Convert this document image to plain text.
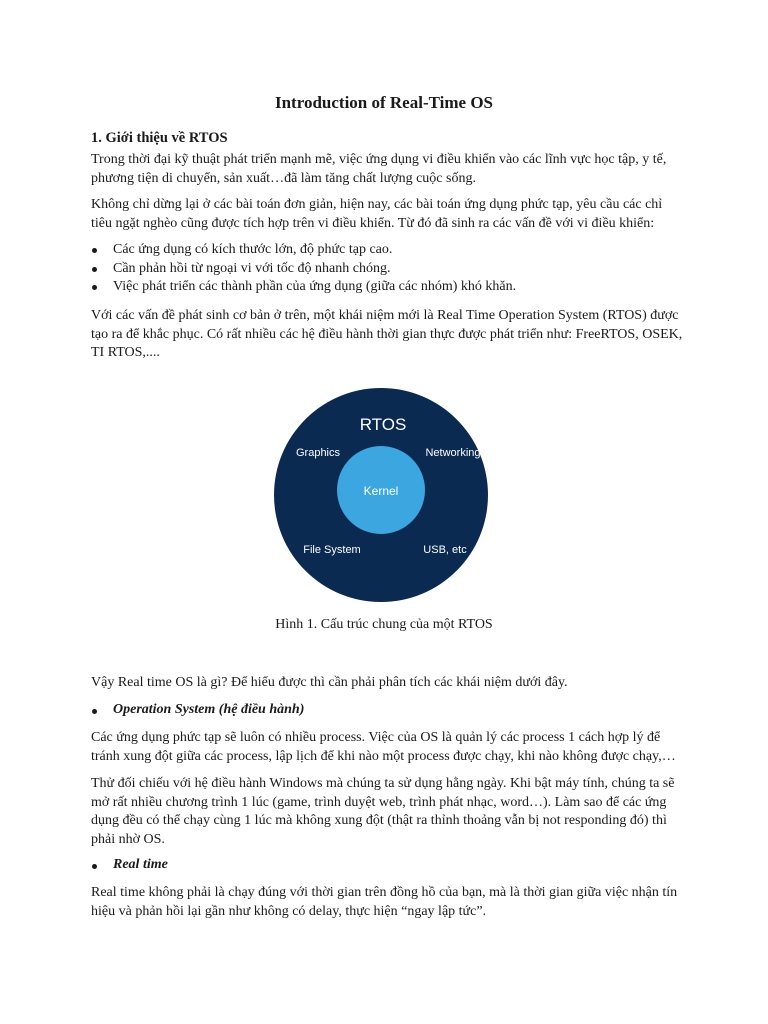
Introduction of Real-Time OS
1. Giới thiệu về RTOS
Trong thời đại kỹ thuật phát triển mạnh mẽ, việc ứng dụng vi điều khiển vào các lĩnh vực học tập, y tế,
phương tiện di chuyển, sản xuất…đã làm tăng chất lượng cuộc sống.
Không chỉ dừng lại ở các bài toán đơn giản, hiện nay, các bài toán ứng dụng phức tạp, yêu cầu các chỉ
tiêu ngặt nghèo cũng được tích hợp trên vi điều khiển. Từ đó đã sinh ra các vấn đề với vi điều khiển:
Các ứng dụng có kích thước lớn, độ phức tạp cao.
Cần phản hồi từ ngoại vi với tốc độ nhanh chóng.
Việc phát triển các thành phần của ứng dụng (giữa các nhóm) khó khăn.
Với các vấn đề phát sinh cơ bản ở trên, một khái niệm mới là Real Time Operation System (RTOS) được
tạo ra để khắc phục. Có rất nhiều các hệ điều hành thời gian thực được phát triển như: FreeRTOS, OSEK,
TI RTOS,....
RTOS
Kernel
Graphics	Networking
File System	USB, etc

Hình 1. Cấu trúc chung của một RTOS

Vậy Real time OS là gì? Để hiểu được thì cần phải phân tích các khái niệm dưới đây.

Operation System (hệ điều hành)

Các ứng dụng phức tạp sẽ luôn có nhiều process. Việc của OS là quản lý các process 1 cách hợp lý để
tránh xung đột giữa các process, lập lịch để khi nào một process được chạy, khi nào không được chạy,…
Thử đối chiếu với hệ điều hành Windows mà chúng ta sử dụng hằng ngày. Khi bật máy tính, chúng ta sẽ
mở rất nhiều chương trình 1 lúc (game, trình duyệt web, trình phát nhạc, word…). Làm sao để các ứng
dụng đều có thể chạy cùng 1 lúc mà không xung đột (thật ra thỉnh thoảng vẫn bị not responding đó) thì
phải nhờ OS.

Real time

Real time không phải là chạy đúng với thời gian trên đồng hồ của bạn, mà là thời gian giữa việc nhận tín
hiệu và phản hồi lại gần như không có delay, thực hiện “ngay lập tức”.
